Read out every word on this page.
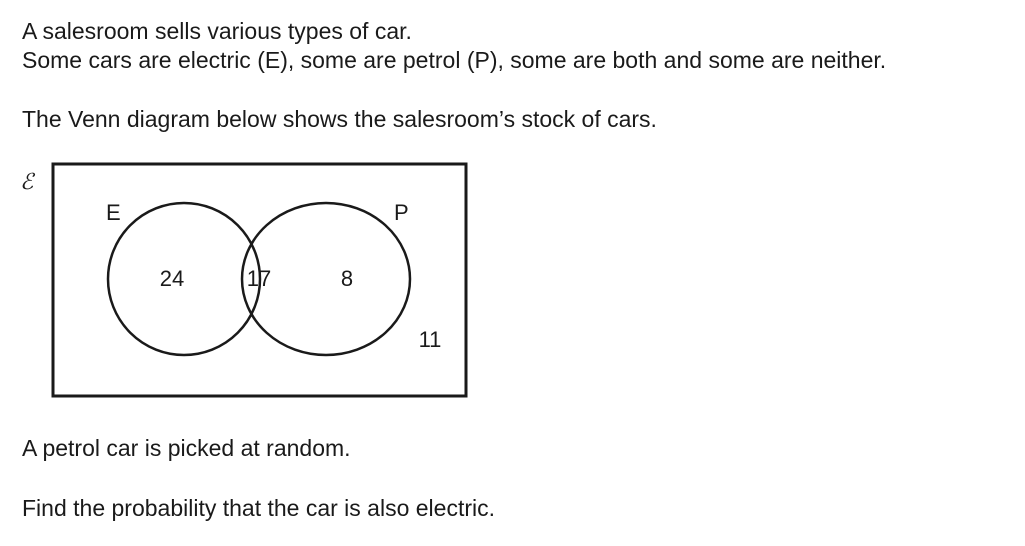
A salesroom sells various types of car.

Some cars are electric (E), some are petrol (P), some are both and some are neither.

The Venn diagram below shows the salesroom’s stock of cars.

ℰ
E	P
24	17	8
11

A petrol car is picked at random.

Find the probability that the car is also electric.
